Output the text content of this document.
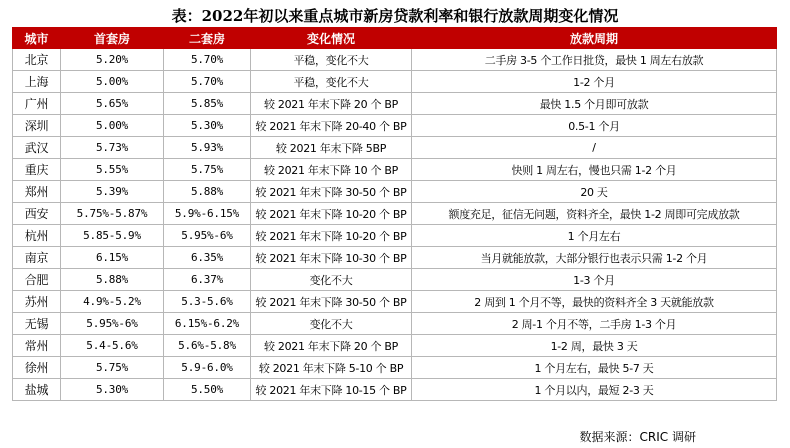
表：2022年初以来重点城市新房贷款利率和银行放款周期变化情况
城市	首套房	二套房	变化情况	放款周期
北京	5.20%	5.70%	平稳，变化不大	二手房 3-5 个工作日批贷，最快 1 周左右放款
上海	5.00%	5.70%	平稳，变化不大	1-2 个月
广州	5.65%	5.85%	较 2021 年末下降 20 个 BP	最快 1.5 个月即可放款
深圳	5.00%	5.30%	较 2021 年末下降 20-40 个 BP	0.5-1 个月
武汉	5.73%	5.93%	较 2021 年末下降 5BP	/
重庆	5.55%	5.75%	较 2021 年末下降 10 个 BP	快则 1 周左右，慢也只需 1-2 个月
郑州	5.39%	5.88%	较 2021 年末下降 30-50 个 BP	20 天
西安	5.75%-5.87%	5.9%-6.15%	较 2021 年末下降 10-20 个 BP	额度充足，征信无问题，资料齐全，最快 1-2 周即可完成放款
杭州	5.85-5.9%	5.95%-6%	较 2021 年末下降 10-20 个 BP	1 个月左右
南京	6.15%	6.35%	较 2021 年末下降 10-30 个 BP	当月就能放款，大部分银行也表示只需 1-2 个月
合肥	5.88%	6.37%	变化不大	1-3 个月
苏州	4.9%-5.2%	5.3-5.6%	较 2021 年末下降 30-50 个 BP	2 周到 1 个月不等，最快的资料齐全 3 天就能放款
无锡	5.95%-6%	6.15%-6.2%	变化不大	2 周-1 个月不等，二手房 1-3 个月
常州	5.4-5.6%	5.6%-5.8%	较 2021 年末下降 20 个 BP	1-2 周，最快 3 天
徐州	5.75%	5.9-6.0%	较 2021 年末下降 5-10 个 BP	1 个月左右，最快 5-7 天
盐城	5.30%	5.50%	较 2021 年末下降 10-15 个 BP	1 个月以内，最短 2-3 天
数据来源：CRIC 调研
